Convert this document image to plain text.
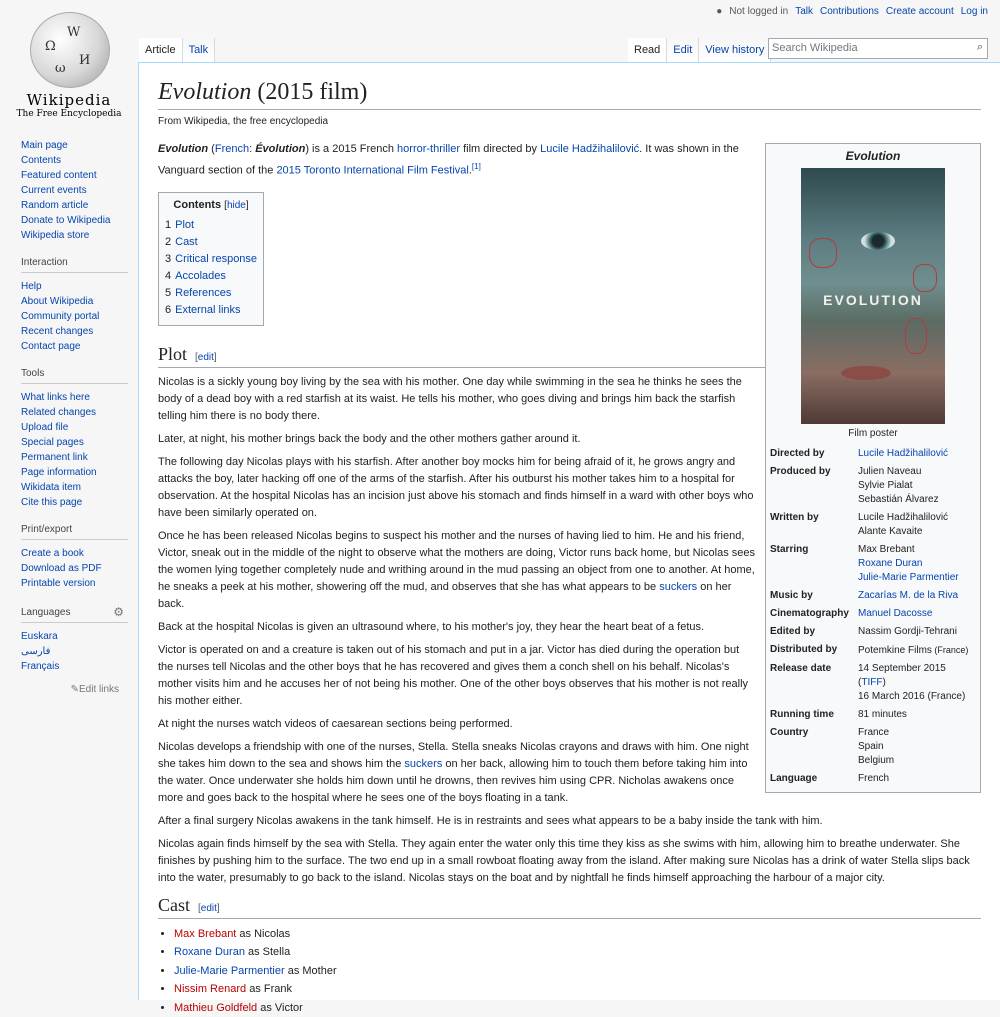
Ω
W
И
ω
Wikipedia
The Free Encyclopedia
Main page
Contents
Featured content
Current events
Random article
Donate to Wikipedia
Wikipedia store
Interaction
Help
About Wikipedia
Community portal
Recent changes
Contact page
Tools
What links here
Related changes
Upload file
Special pages
Permanent link
Page information
Wikidata item
Cite this page
Print/export
Create a book
Download as PDF
Printable version
Languages	⚙
Euskara
فارسی
Français
✎Edit links
● Not logged in Talk Contributions Create account Log in
Article	Talk	Read	Edit	View history Search Wikipedia	⌕
Evolution (2015 film)
From Wikipedia, the free encyclopedia
Evolution
EVOLUTION
Film poster
Directed by	Lucile Hadžihalilović
Produced by	Julien Naveau
Sylvie Pialat
Sebastián Álvarez
Written by	Lucile Hadžihalilović
Alante Kavaite
Starring	Max Brebant
Roxane Duran
Julie-Marie Parmentier
Music by	Zacarías M. de la Riva
Cinematography Manuel Dacosse
Edited by	Nassim Gordji-Tehrani
Distributed by	Potemkine Films (France)
Release date	14 September 2015 (TIFF)
16 March 2016 (France)
Running time	81 minutes
Country	France
Spain
Belgium
Language	French

Evolution (French: Évolution) is a 2015 French horror-thriller film directed by Lucile Hadžihalilović. It was shown in the Vanguard section of the 2015 Toronto International Film Festival.[1]

Contents [hide]
1 Plot
2 Cast
3 Critical response
4 Accolades
5 References
6 External links
Plot [edit]

Nicolas is a sickly young boy living by the sea with his mother. One day while swimming in the sea he thinks he sees the body of a dead boy with a red starfish at its waist. He tells his mother, who goes diving and brings him back the starfish telling him there is no body there.

Later, at night, his mother brings back the body and the other mothers gather around it.

The following day Nicolas plays with his starfish. After another boy mocks him for being afraid of it, he grows angry and attacks the boy, later hacking off one of the arms of the starfish. After his outburst his mother takes him to a hospital for observation. At the hospital Nicolas has an incision just above his stomach and finds himself in a ward with other boys who have been similarly operated on.

Once he has been released Nicolas begins to suspect his mother and the nurses of having lied to him. He and his friend, Victor, sneak out in the middle of the night to observe what the mothers are doing, Victor runs back home, but Nicolas sees the women lying together completely nude and writhing around in the mud passing an object from one to another. At home, he sneaks a peek at his mother, showering off the mud, and observes that she has what appears to be suckers on her back.

Back at the hospital Nicolas is given an ultrasound where, to his mother's joy, they hear the heart beat of a fetus.

Victor is operated on and a creature is taken out of his stomach and put in a jar. Victor has died during the operation but the nurses tell Nicolas and the other boys that he has recovered and gives them a conch shell on his behalf. Nicolas's mother visits him and he accuses her of not being his mother. One of the other boys observes that his mother is not really his mother either.

At night the nurses watch videos of caesarean sections being performed.

Nicolas develops a friendship with one of the nurses, Stella. Stella sneaks Nicolas crayons and draws with him. One night she takes him down to the sea and shows him the suckers on her back, allowing him to touch them before taking him into the water. Once underwater she holds him down until he drowns, then revives him using CPR. Nicholas awakens once more and goes back to the hospital where he sees one of the boys floating in a tank.

After a final surgery Nicolas awakens in the tank himself. He is in restraints and sees what appears to be a baby inside the tank with him.

Nicolas again finds himself by the sea with Stella. They again enter the water only this time they kiss as she swims with him, allowing him to breathe underwater. She finishes by pushing him to the surface. The two end up in a small rowboat floating away from the island. After making sure Nicolas has a drink of water Stella slips back into the water, presumably to go back to the island. Nicolas stays on the boat and by nightfall he finds himself approaching the harbour of a major city.

Cast [edit]
• Max Brebant as Nicolas
• Roxane Duran as Stella
• Julie-Marie Parmentier as Mother
• Nissim Renard as Frank
• Mathieu Goldfeld as Victor
